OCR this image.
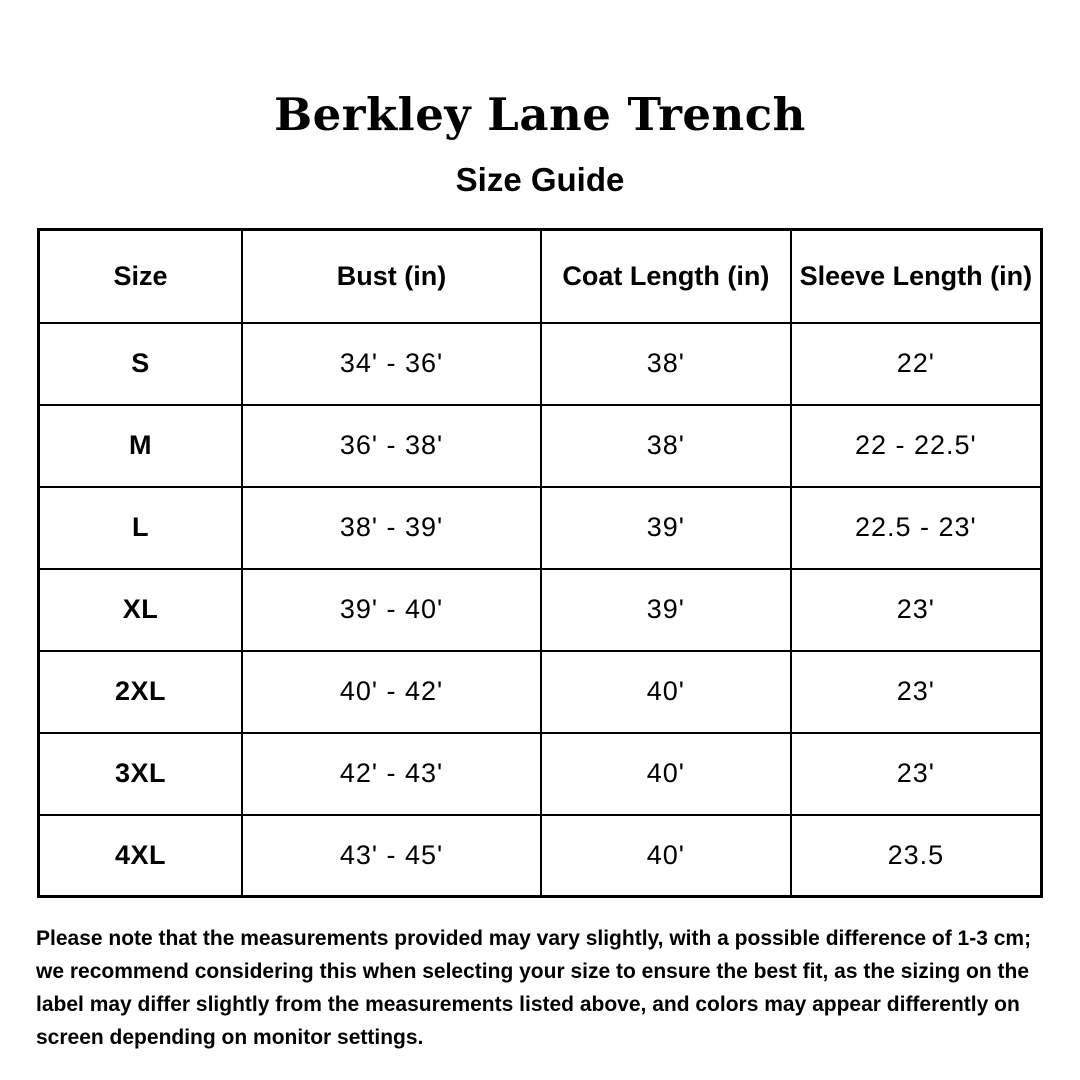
Berkley Lane Trench
Size Guide
Size	Bust (in)	Coat Length (in)	Sleeve Length (in)
S	34' - 36'	38'	22'
M	36' - 38'	38'	22 - 22.5'
L	38' - 39'	39'	22.5 - 23'
XL	39' - 40'	39'	23'
2XL	40' - 42'	40'	23'
3XL	42' - 43'	40'	23'
4XL	43' - 45'	40'	23.5

Please note that the measurements provided may vary slightly, with a possible difference of 1-3 cm; we recommend considering this when selecting your size to ensure the best fit, as the sizing on the label may differ slightly from the measurements listed above, and colors may appear differently on screen depending on monitor settings.
